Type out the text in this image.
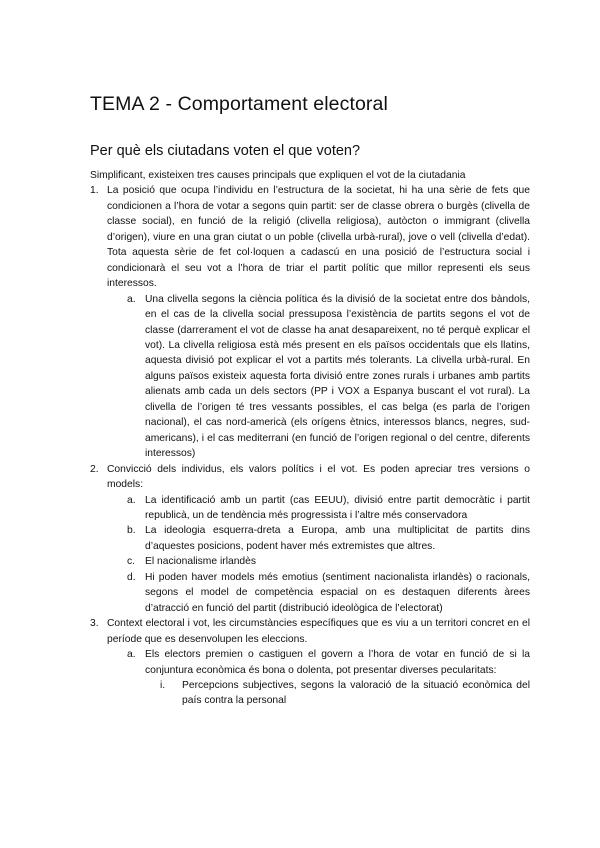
TEMA 2 - Comportament electoral
Per què els ciutadans voten el que voten?

Simplificant, existeixen tres causes principals que expliquen el vot de la ciutadania

1. La posició que ocupa l’individu en l’estructura de la societat, hi ha una sèrie de fets que condicionen a l’hora de votar a segons quin partit: ser de classe obrera o burgès (clivella de classe social), en funció de la religió (clivella religiosa), autòcton o immigrant (clivella d’origen), viure en una gran ciutat o un poble (clivella urbà-rural), jove o vell (clivella d’edat). Tota aquesta sèrie de fet col·loquen a cadascú en una posició de l’estructura social i condicionarà el seu vot a l’hora de triar el partit polític que millor representi els seus interessos.
a. Una clivella segons la ciència política és la divisió de la societat entre dos bàndols, en el cas de la clivella social pressuposa l’existència de partits segons el vot de classe (darrerament el vot de classe ha anat desapareixent, no té perquè explicar el vot). La clivella religiosa està més present en els països occidentals que els llatins, aquesta divisió pot explicar el vot a partits més tolerants. La clivella urbà-rural. En alguns països existeix aquesta forta divisió entre zones rurals i urbanes amb partits alienats amb cada un dels sectors (PP i VOX a Espanya buscant el vot rural). La clivella de l’origen té tres vessants possibles, el cas belga (es parla de l’origen nacional), el cas nord-americà (els orígens ètnics, interessos blancs, negres, sud-americans), i el cas mediterrani (en funció de l’origen regional o del centre, diferents interessos)
2. Convicció dels individus, els valors polítics i el vot. Es poden apreciar tres versions o models:
a. La identificació amb un partit (cas EEUU), divisió entre partit democràtic i partit republicà, un de tendència més progressista i l’altre més conservadora
b. La ideologia esquerra-dreta a Europa, amb una multiplicitat de partits dins d’aquestes posicions, podent haver més extremistes que altres.
c. El nacionalisme irlandès
d. Hi poden haver models més emotius (sentiment nacionalista irlandès) o racionals, segons el model de competència espacial on es destaquen diferents àrees d’atracció en funció del partit (distribució ideològica de l’electorat)
3. Context electoral i vot, les circumstàncies específiques que es viu a un territori concret en el període que es desenvolupen les eleccions.
a. Els electors premien o castiguen el govern a l’hora de votar en funció de si la conjuntura econòmica és bona o dolenta, pot presentar diverses pecularitats:
i. Percepcions subjectives, segons la valoració de la situació econòmica del país contra la personal
